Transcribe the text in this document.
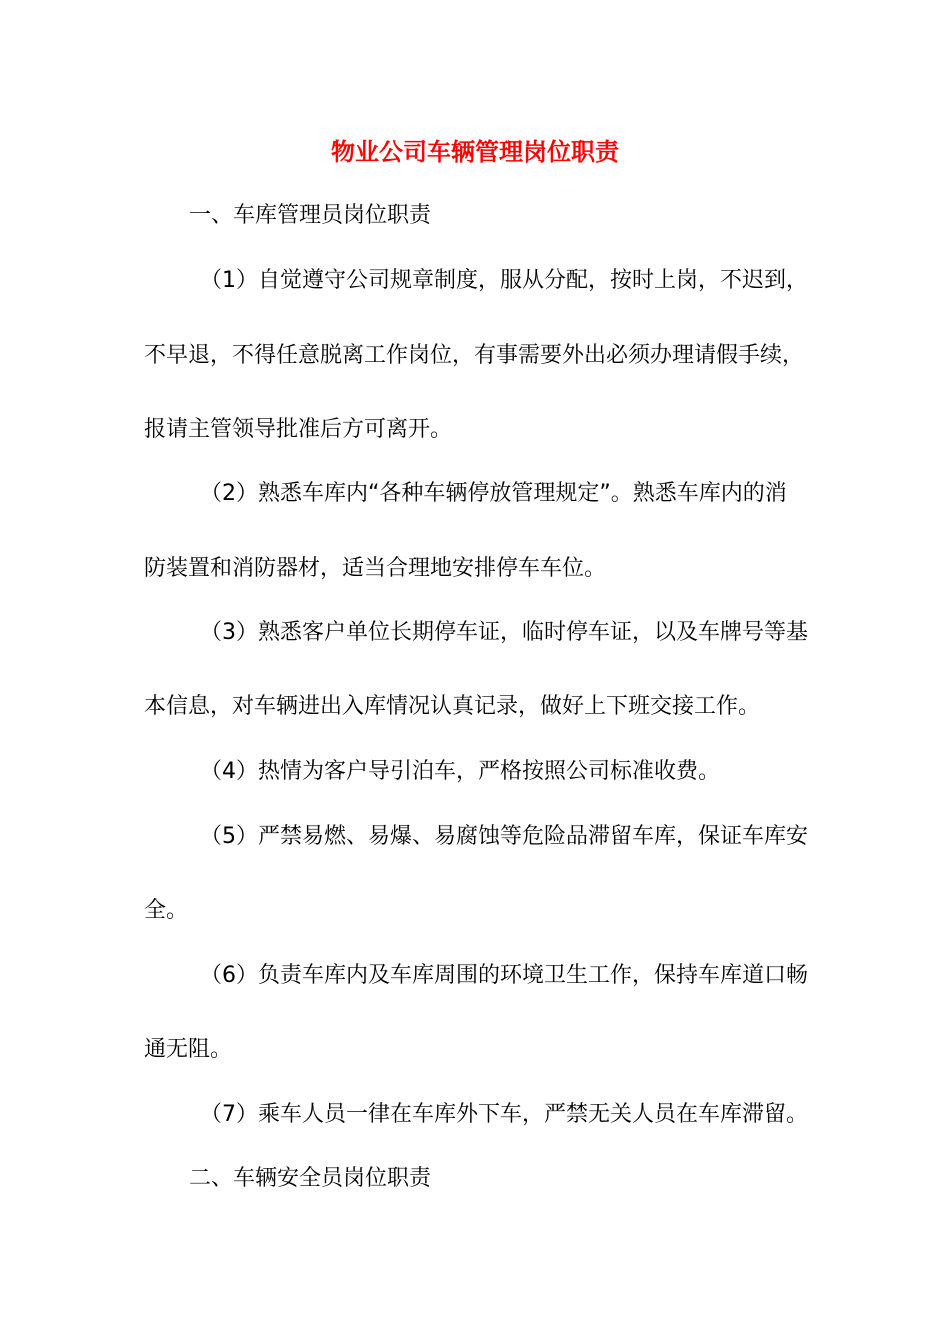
物业公司车辆管理岗位职责
一、车库管理员岗位职责
（1）自觉遵守公司规章制度，服从分配，按时上岗，不迟到，
不早退，不得任意脱离工作岗位，有事需要外出必须办理请假手续，
报请主管领导批准后方可离开。
（2）熟悉车库内“各种车辆停放管理规定”。熟悉车库内的消
防装置和消防器材，适当合理地安排停车车位。
（3）熟悉客户单位长期停车证，临时停车证，以及车牌号等基
本信息，对车辆进出入库情况认真记录，做好上下班交接工作。
（4）热情为客户导引泊车，严格按照公司标准收费。
（5）严禁易燃、易爆、易腐蚀等危险品滞留车库，保证车库安
全。
（6）负责车库内及车库周围的环境卫生工作，保持车库道口畅
通无阻。
（7）乘车人员一律在车库外下车，严禁无关人员在车库滞留。
二、车辆安全员岗位职责
